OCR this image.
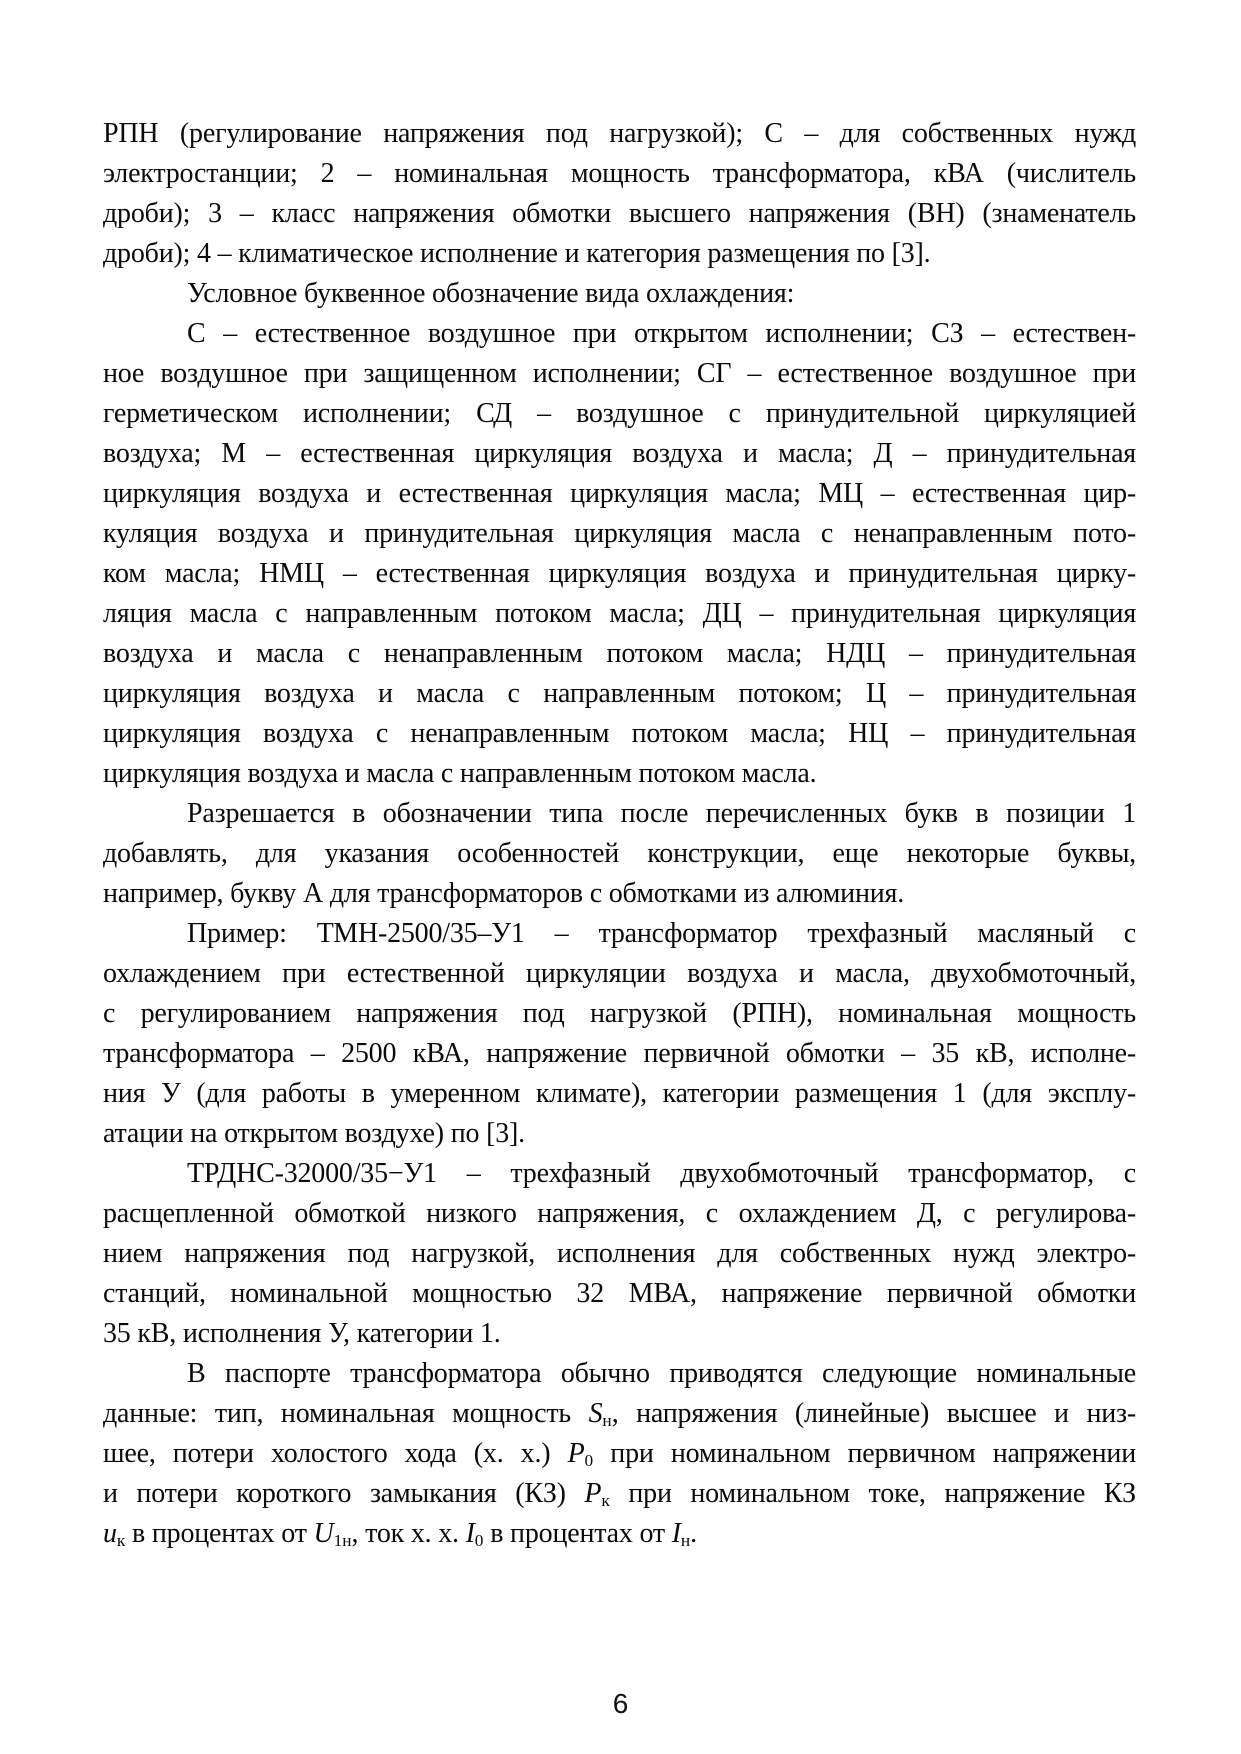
РПН (регулирование напряжения под нагрузкой); С – для собственных нужд
электростанции; 2 – номинальная мощность трансформатора, кВА (числитель
дроби); 3 – класс напряжения обмотки высшего напряжения (ВН) (знаменатель
дроби); 4 – климатическое исполнение и категория размещения по [3].
Условное буквенное обозначение вида охлаждения:
С – естественное воздушное при открытом исполнении; СЗ – естествен-
ное воздушное при защищенном исполнении; СГ – естественное воздушное при
герметическом исполнении; СД – воздушное с принудительной циркуляцией
воздуха; М – естественная циркуляция воздуха и масла; Д – принудительная
циркуляция воздуха и естественная циркуляция масла; МЦ – естественная цир-
куляция воздуха и принудительная циркуляция масла с ненаправленным пото-
ком масла; НМЦ – естественная циркуляция воздуха и принудительная цирку-
ляция масла с направленным потоком масла; ДЦ – принудительная циркуляция
воздуха и масла с ненаправленным потоком масла; НДЦ – принудительная
циркуляция воздуха и масла с направленным потоком; Ц – принудительная
циркуляция воздуха с ненаправленным потоком масла; НЦ – принудительная
циркуляция воздуха и масла с направленным потоком масла.
Разрешается в обозначении типа после перечисленных букв в позиции 1
добавлять, для указания особенностей конструкции, еще некоторые буквы,
например, букву А для трансформаторов с обмотками из алюминия.
Пример: ТМН-2500/35–У1 – трансформатор трехфазный масляный с
охлаждением при естественной циркуляции воздуха и масла, двухобмоточный,
с регулированием напряжения под нагрузкой (РПН), номинальная мощность
трансформатора – 2500 кВА, напряжение первичной обмотки – 35 кВ, исполне-
ния У (для работы в умеренном климате), категории размещения 1 (для эксплу-
атации на открытом воздухе) по [3].
ТРДНС-32000/35−У1 – трехфазный двухобмоточный трансформатор, с
расщепленной обмоткой низкого напряжения, с охлаждением Д, с регулирова-
нием напряжения под нагрузкой, исполнения для собственных нужд электро-
станций, номинальной мощностью 32 МВА, напряжение первичной обмотки
35 кВ, исполнения У, категории 1.
В паспорте трансформатора обычно приводятся следующие номинальные
данные: тип, номинальная мощность $S_н$, напряжения (линейные) высшее и низ-
шее, потери холостого хода (х. х.) $P_0$ при номинальном первичном напряжении
и потери короткого замыкания (КЗ) $P_к$ при номинальном токе, напряжение КЗ
$u_к$ в процентах от $U_{1н}$, ток х. х. $I_0$ в процентах от $I_н$.
6
